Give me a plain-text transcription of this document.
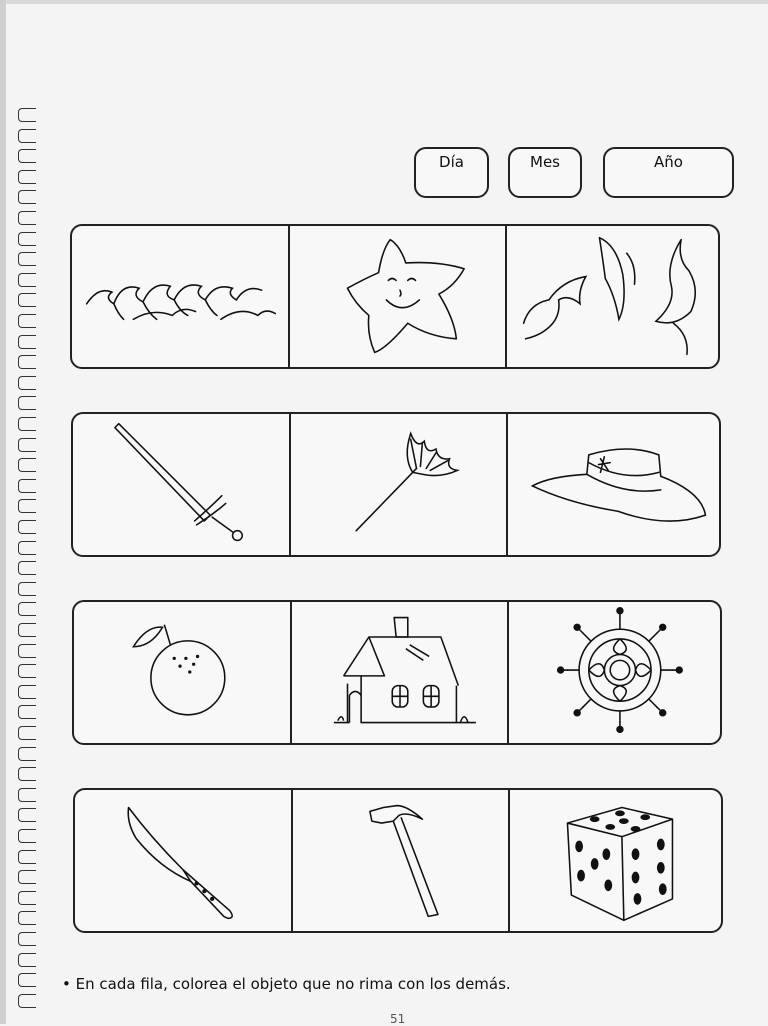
Día	Mes	Año
• En cada fila, colorea el objeto que no rima con los demás.
51
